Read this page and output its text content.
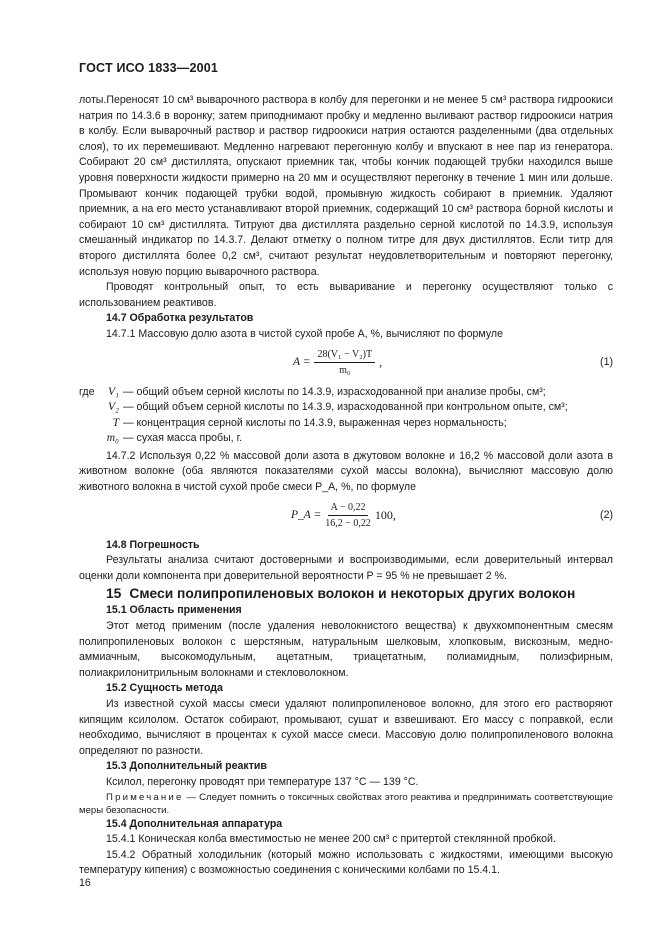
ГОСТ ИСО 1833—2001

лоты.Переносят 10 см³ выварочного раствора в колбу для перегонки и не менее 5 см³ раствора гидроокиси натрия по 14.3.6 в воронку; затем приподнимают пробку и медленно выливают раствор гидроокиси натрия в колбу. Если выварочный раствор и раствор гидроокиси натрия остаются разделенными (два отдельных слоя), то их перемешивают. Медленно нагревают перегонную колбу и впускают в нее пар из генератора. Собирают 20 см³ дистиллята, опускают приемник так, чтобы кончик подающей трубки находился выше уровня поверхности жидкости примерно на 20 мм и осуществляют перегонку в течение 1 мин или дольше. Промывают кончик подающей трубки водой, промывную жидкость собирают в приемник. Удаляют приемник, а на его место устанавливают второй приемник, содержащий 10 см³ раствора борной кислоты и собирают 10 см³ дистиллята. Титруют два дистиллята раздельно серной кислотой по 14.3.9, используя смешанный индикатор по 14.3.7. Делают отметку о полном титре для двух дистиллятов. Если титр для второго дистиллята более 0,2 см³, считают результат неудовлетворительным и повторяют перегонку, используя новую порцию выварочного раствора.

Проводят контрольный опыт, то есть вываривание и перегонку осуществляют только с использованием реактивов.

14.7 Обработка результатов

14.7.1 Массовую долю азота в чистой сухой пробе A, %, вычисляют по формуле

$A = \frac{\text{28(V₁ − V₂)T}}{\text{m₀}}$ ,	(1)
где	V₁ — общий объем серной кислоты по 14.3.9, израсходованной при анализе пробы, см³;
V₂ — общий объем серной кислоты по 14.3.9, израсходованной при контрольном опыте, см³;
T — концентрация серной кислоты по 14.3.9, выраженная через нормальность;
m₀ — сухая масса пробы, г.

14.7.2 Используя 0,22 % массовой доли азота в джутовом волокне и 16,2 % массовой доли азота в животном волокне (оба являются показателями сухой массы волокна), вычисляют массовую долю животного волокна в чистой сухой пробе смеси P_A, %, по формуле

P_A = $\frac{A - 0,22}{16,2 - 0,22} 100$,	(2)

14.8 Погрешность

Результаты анализа считают достоверными и воспроизводимыми, если доверительный интервал оценки доли компонента при доверительной вероятности P = 95 % не превышает 2 %.

15 Смеси полипропиленовых волокон и некоторых других волокон

15.1 Область применения

Этот метод применим (после удаления неволокнистого вещества) к двухкомпонентным смесям полипропиленовых волокон с шерстяным, натуральным шелковым, хлопковым, вискозным, медно-аммиачным, высокомодульным, ацетатным, триацетатным, полиамидным, полиэфирным, полиакрилонитрильным волокнами и стекловолокном.

15.2 Сущность метода

Из известной сухой массы смеси удаляют полипропиленовое волокно, для этого его растворяют кипящим ксилолом. Остаток собирают, промывают, сушат и взвешивают. Его массу с поправкой, если необходимо, вычисляют в процентах к сухой массе смеси. Массовую долю полипропиленового волокна определяют по разности.

15.3 Дополнительный реактив

Ксилол, перегонку проводят при температуре 137 °C — 139 °C.

Примечание — Следует помнить о токсичных свойствах этого реактива и предпринимать соответствующие меры безопасности.

15.4 Дополнительная аппаратура

15.4.1 Коническая колба вместимостью не менее 200 см³ с притертой стеклянной пробкой.

15.4.2 Обратный холодильник (который можно использовать с жидкостями, имеющими высокую температуру кипения) с возможностью соединения с коническими колбами по 15.4.1.

16
